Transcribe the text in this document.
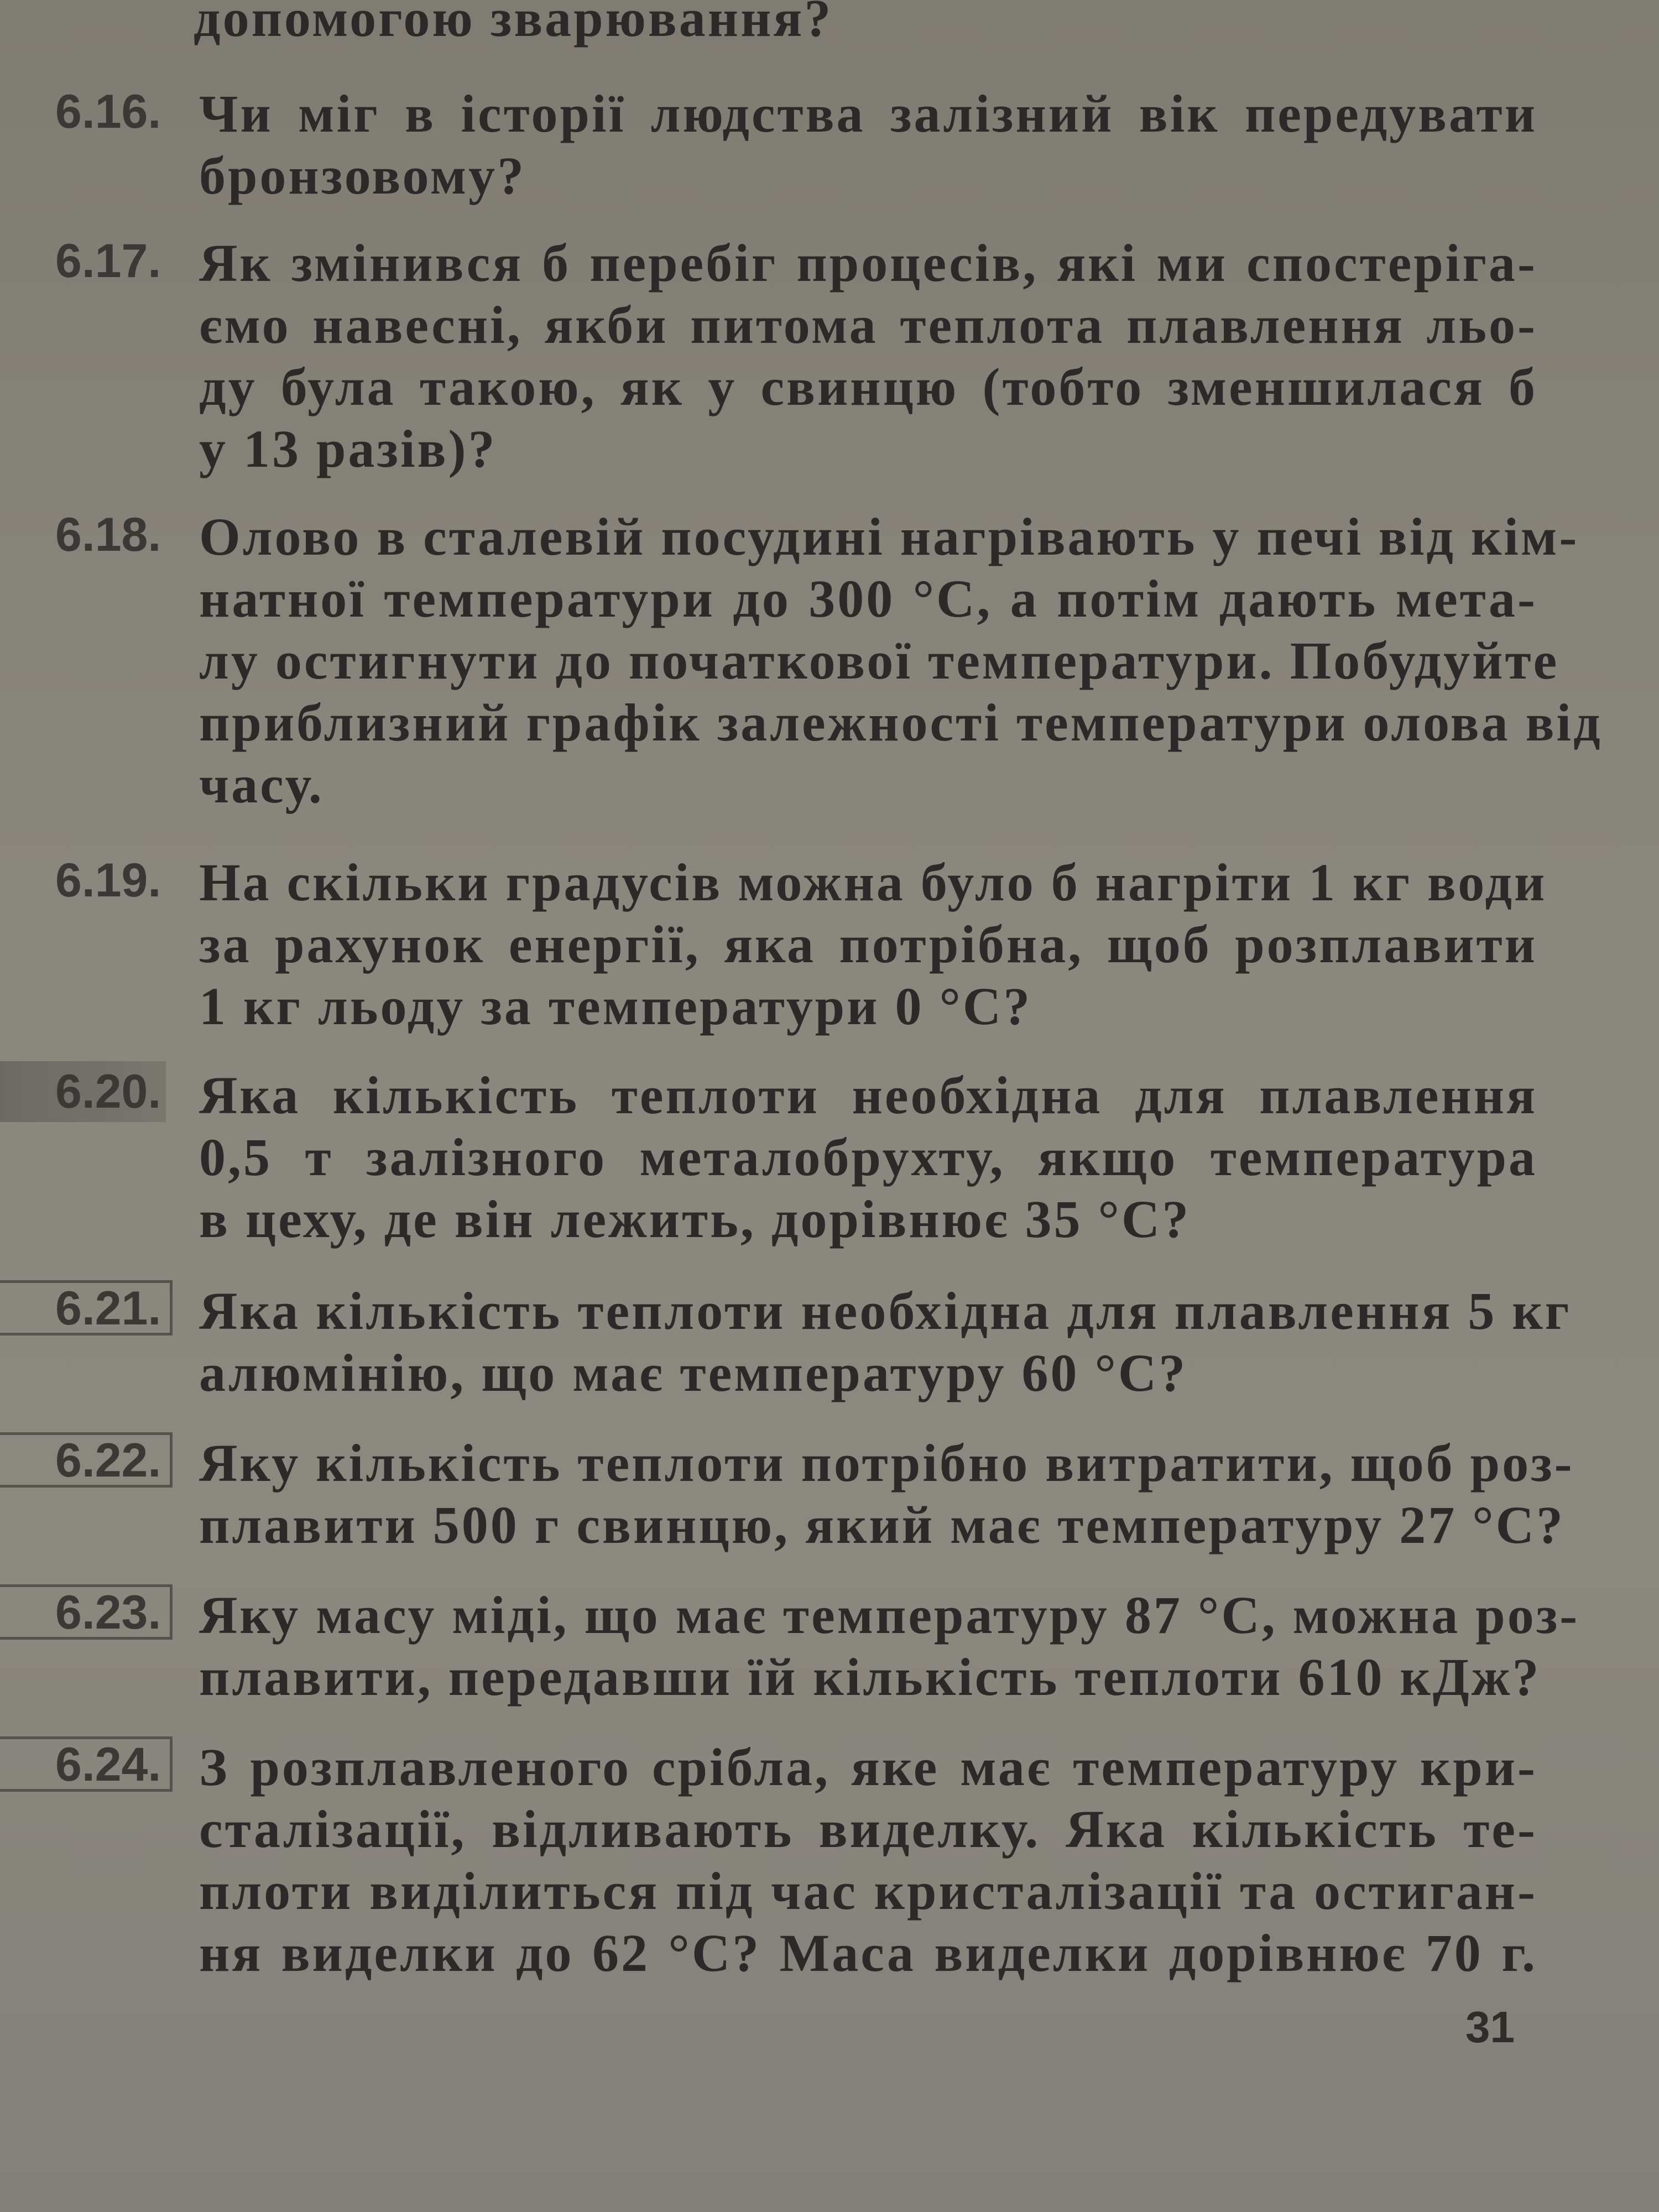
допомогою зварювання?
6.16. Чи міг в історії людства залізний вік передувати
бронзовому?
6.17. Як змінився б перебіг процесів, які ми спостеріга-
ємо навесні, якби питома теплота плавлення льо-
ду була такою, як у свинцю (тобто зменшилася б
у 13 разів)?
6.18. Олово в сталевій посудині нагрівають у печі від кім-
натної температури до 300 °С, а потім дають мета-
лу остигнути до початкової температури. Побудуйте
приблизний графік залежності температури олова від
часу.
6.19. На скільки градусів можна було б нагріти 1 кг води
за рахунок енергії, яка потрібна, щоб розплавити
1 кг льоду за температури 0 °С?
6.20. Яка кількість теплоти необхідна для плавлення
0,5 т залізного металобрухту, якщо температура
в цеху, де він лежить, дорівнює 35 °С?
6.21. Яка кількість теплоти необхідна для плавлення 5 кг
алюмінію, що має температуру 60 °С?
6.22. Яку кількість теплоти потрібно витратити, щоб роз-
плавити 500 г свинцю, який має температуру 27 °С?
6.23. Яку масу міді, що має температуру 87 °С, можна роз-
плавити, передавши їй кількість теплоти 610 кДж?
6.24. З розплавленого срібла, яке має температуру кри-
сталізації, відливають виделку. Яка кількість те-
плоти виділиться під час кристалізації та остиган-
ня виделки до 62 °С? Маса виделки дорівнює 70 г.
31
